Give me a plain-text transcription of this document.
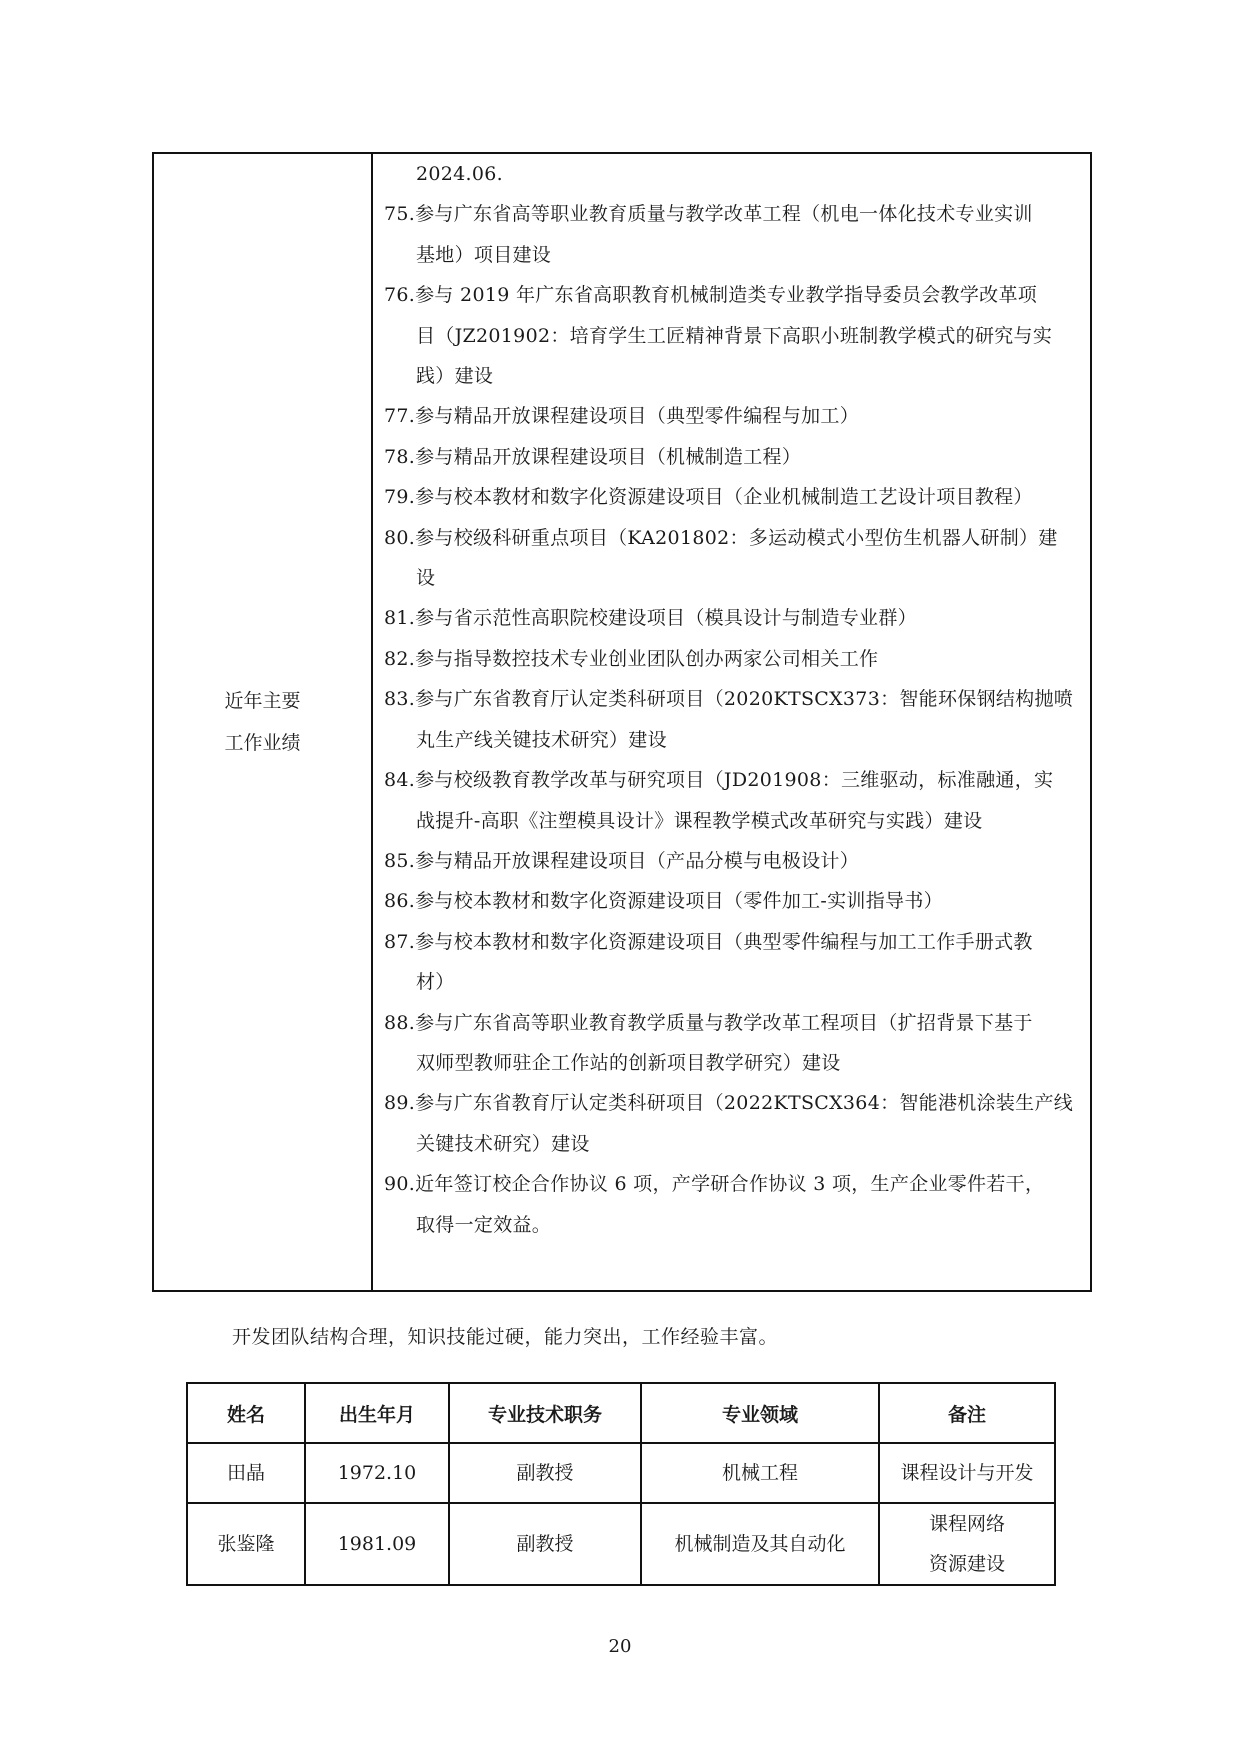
近年主要
工作业绩
2024.06.
75.参与广东省高等职业教育质量与教学改革工程（机电一体化技术专业实训
基地）项目建设
76.参与 2019 年广东省高职教育机械制造类专业教学指导委员会教学改革项
目（JZ201902：培育学生工匠精神背景下高职小班制教学模式的研究与实
践）建设
77.参与精品开放课程建设项目（典型零件编程与加工）
78.参与精品开放课程建设项目（机械制造工程）
79.参与校本教材和数字化资源建设项目（企业机械制造工艺设计项目教程）
80.参与校级科研重点项目（KA201802：多运动模式小型仿生机器人研制）建
设
81.参与省示范性高职院校建设项目（模具设计与制造专业群）
82.参与指导数控技术专业创业团队创办两家公司相关工作
83.参与广东省教育厅认定类科研项目（2020KTSCX373：智能环保钢结构抛喷
丸生产线关键技术研究）建设
84.参与校级教育教学改革与研究项目（JD201908：三维驱动，标准融通，实
战提升-高职《注塑模具设计》课程教学模式改革研究与实践）建设
85.参与精品开放课程建设项目（产品分模与电极设计）
86.参与校本教材和数字化资源建设项目（零件加工-实训指导书）
87.参与校本教材和数字化资源建设项目（典型零件编程与加工工作手册式教
材）
88.参与广东省高等职业教育教学质量与教学改革工程项目（扩招背景下基于
双师型教师驻企工作站的创新项目教学研究）建设
89.参与广东省教育厅认定类科研项目（2022KTSCX364：智能港机涂装生产线
关键技术研究）建设
90.近年签订校企合作协议 6 项，产学研合作协议 3 项，生产企业零件若干，
取得一定效益。
开发团队结构合理，知识技能过硬，能力突出，工作经验丰富。
姓名	出生年月	专业技术职务	专业领域	备注
田晶	1972.10	副教授	机械工程	课程设计与开发
张鉴隆	1981.09	副教授	机械制造及其自动化	课程网络
资源建设
20
